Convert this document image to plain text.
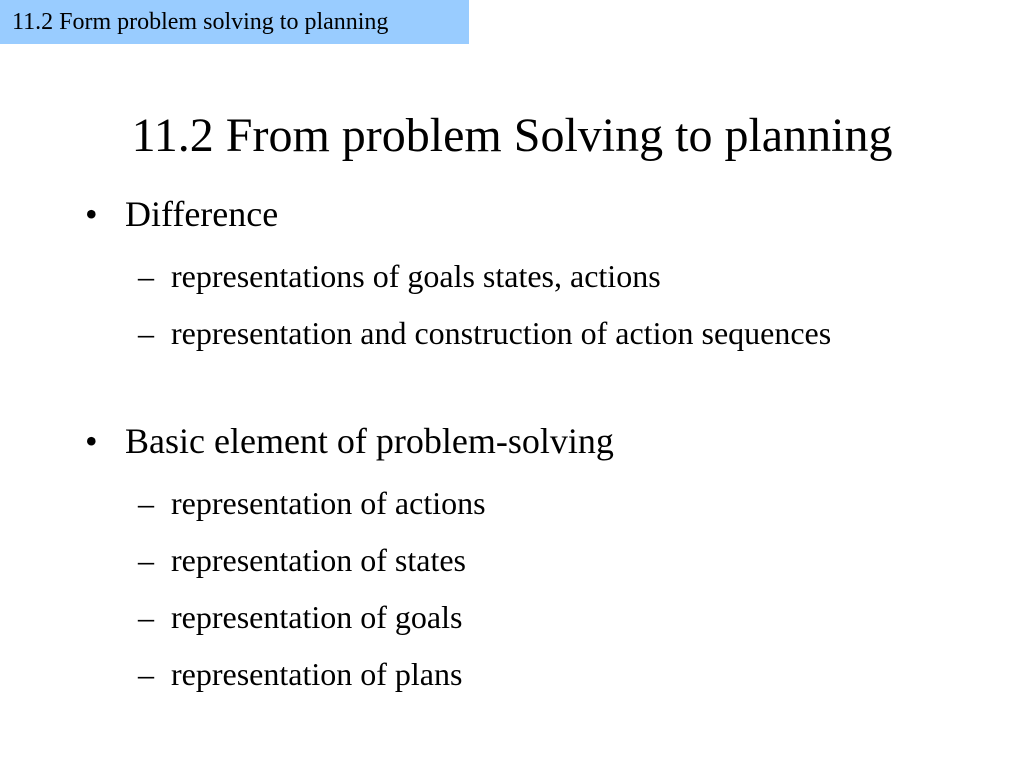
11.2 Form problem solving to planning
11.2 From problem Solving to planning
• Difference
– representations of goals states, actions
– representation and construction of action sequences
• Basic element of problem-solving
– representation of actions
– representation of states
– representation of goals
– representation of plans
